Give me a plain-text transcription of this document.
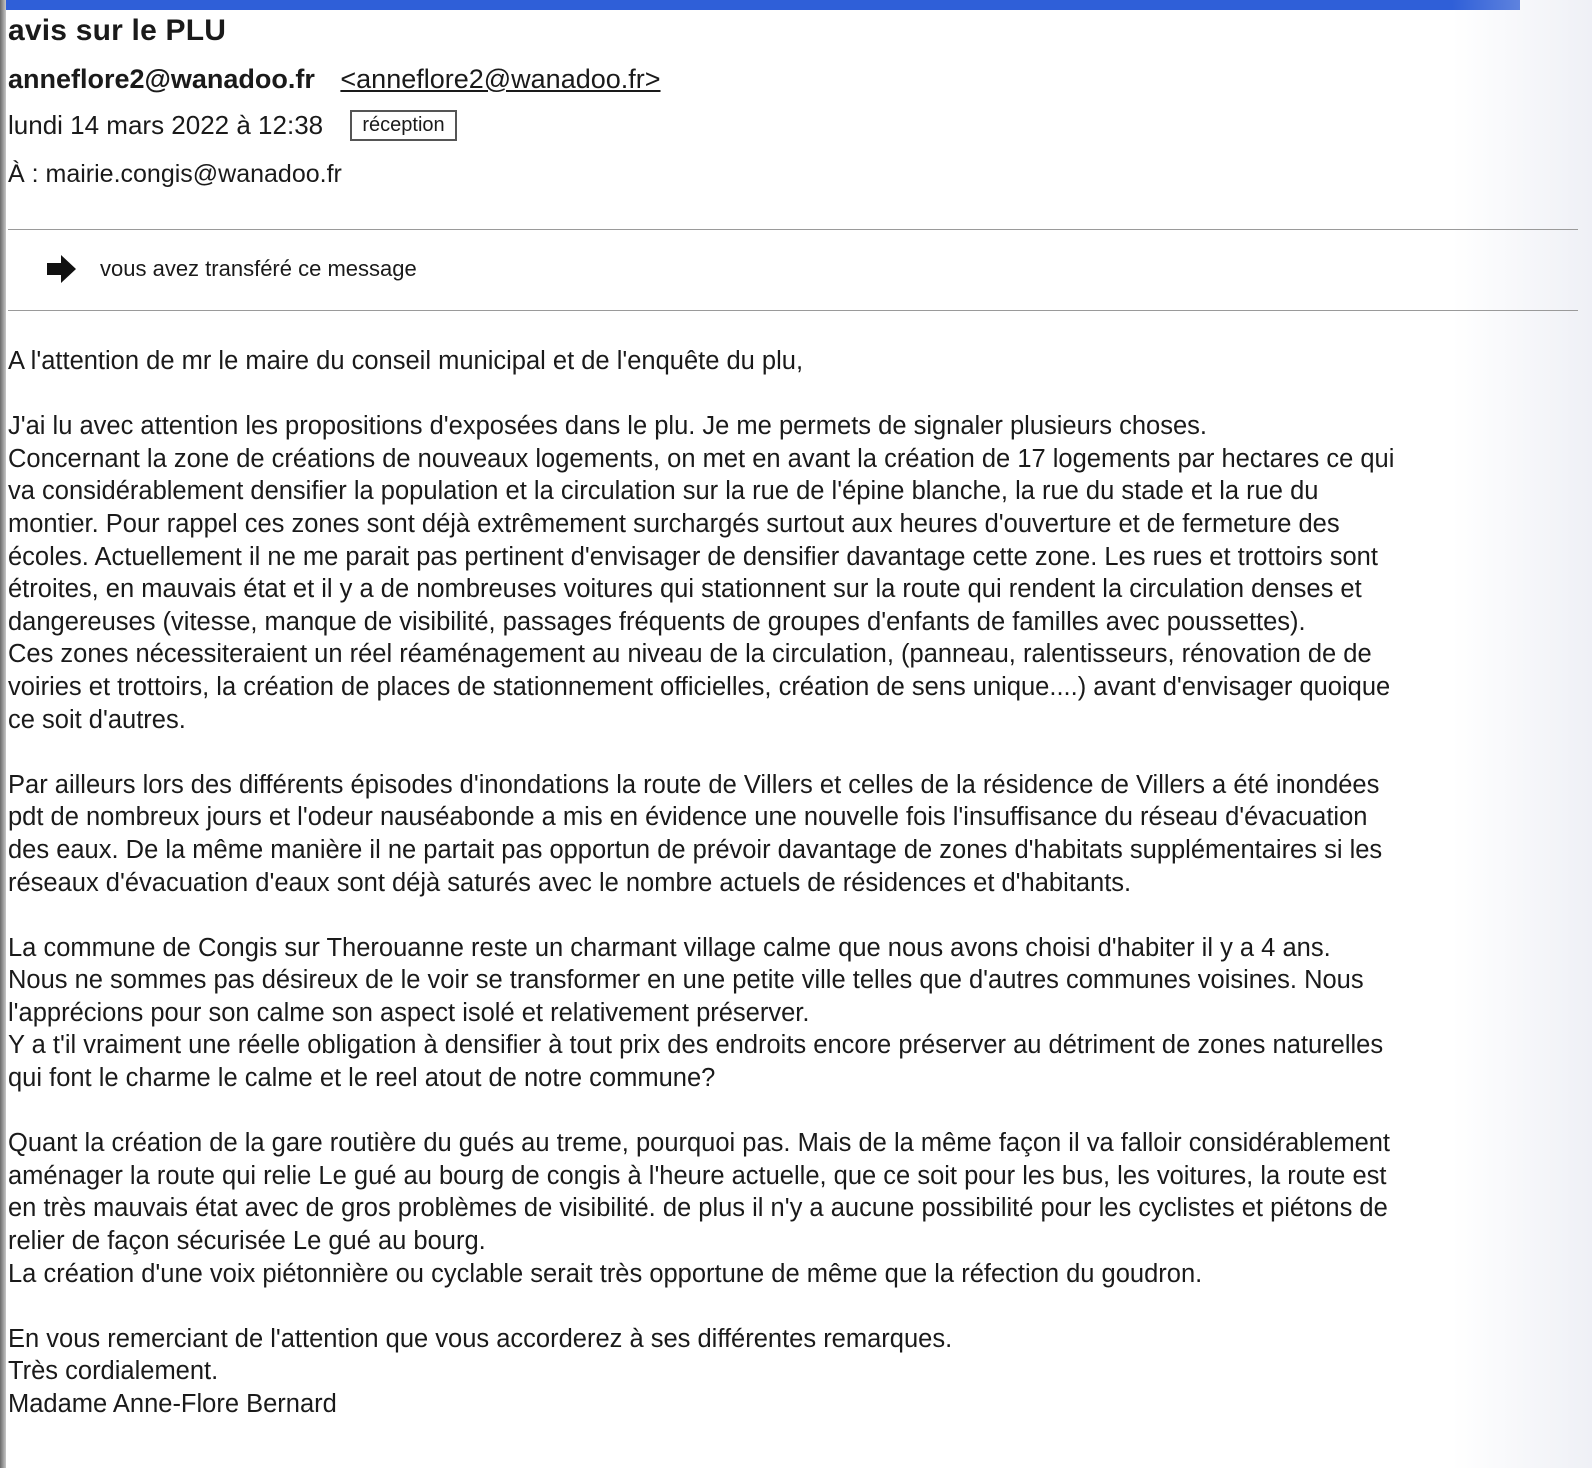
avis sur le PLU
anneflore2@wanadoo.fr <anneflore2@wanadoo.fr>
lundi 14 mars 2022 à 12:38 réception
À : mairie.congis@wanadoo.fr
vous avez transféré ce message
A l'attention de mr le maire du conseil municipal et de l'enquête du plu,
J'ai lu avec attention les propositions d'exposées dans le plu. Je me permets de signaler plusieurs choses.
Concernant la zone de créations de nouveaux logements, on met en avant la création de 17 logements par hectares ce qui
va considérablement densifier la population et la circulation sur la rue de l'épine blanche, la rue du stade et la rue du
montier. Pour rappel ces zones sont déjà extrêmement surchargés surtout aux heures d'ouverture et de fermeture des
écoles. Actuellement il ne me parait pas pertinent d'envisager de densifier davantage cette zone. Les rues et trottoirs sont
étroites, en mauvais état et il y a de nombreuses voitures qui stationnent sur la route qui rendent la circulation denses et
dangereuses (vitesse, manque de visibilité, passages fréquents de groupes d'enfants de familles avec poussettes).
Ces zones nécessiteraient un réel réaménagement au niveau de la circulation, (panneau, ralentisseurs, rénovation de de
voiries et trottoirs, la création de places de stationnement officielles, création de sens unique....) avant d'envisager quoique
ce soit d'autres.
Par ailleurs lors des différents épisodes d'inondations la route de Villers et celles de la résidence de Villers a été inondées
pdt de nombreux jours et l'odeur nauséabonde a mis en évidence une nouvelle fois l'insuffisance du réseau d'évacuation
des eaux. De la même manière il ne partait pas opportun de prévoir davantage de zones d'habitats supplémentaires si les
réseaux d'évacuation d'eaux sont déjà saturés avec le nombre actuels de résidences et d'habitants.
La commune de Congis sur Therouanne reste un charmant village calme que nous avons choisi d'habiter il y a 4 ans.
Nous ne sommes pas désireux de le voir se transformer en une petite ville telles que d'autres communes voisines. Nous
l'apprécions pour son calme son aspect isolé et relativement préserver.
Y a t'il vraiment une réelle obligation à densifier à tout prix des endroits encore préserver au détriment de zones naturelles
qui font le charme le calme et le reel atout de notre commune?
Quant la création de la gare routière du gués au treme, pourquoi pas. Mais de la même façon il va falloir considérablement
aménager la route qui relie Le gué au bourg de congis à l'heure actuelle, que ce soit pour les bus, les voitures, la route est
en très mauvais état avec de gros problèmes de visibilité. de plus il n'y a aucune possibilité pour les cyclistes et piétons de
relier de façon sécurisée Le gué au bourg.
La création d'une voix piétonnière ou cyclable serait très opportune de même que la réfection du goudron.
En vous remerciant de l'attention que vous accorderez à ses différentes remarques.
Très cordialement.
Madame Anne-Flore Bernard
